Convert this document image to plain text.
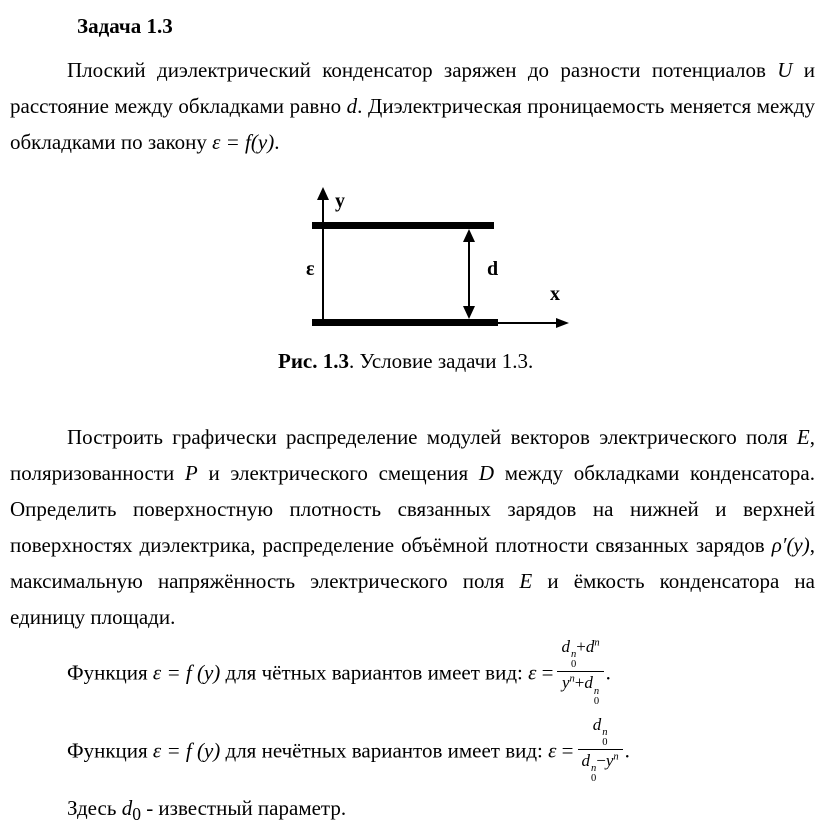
Задача 1.3

Плоский диэлектрический конденсатор заряжен до разности потенциалов U и расстояние между обкладками равно d. Диэлектрическая проницаемость меняется между обкладками по закону ε = f(y).

y
ε	d
x
Рис. 1.3. Условие задачи 1.3.

Построить графически распределение модулей векторов электрического поля E, поляризованности P и электрического смещения D между обкладками конденсатора. Определить поверхностную плотность связанных зарядов на нижней и верхней поверхностях диэлектрика, распределение объёмной плотности связанных зарядов ρ′(y), максимальную напряжённость электрического поля E и ёмкость конденсатора на единицу площади.

Функция ε = f (y) для чётных вариантов имеет вид: ε = d n
0
$+d^n$
$y^n+d$ n
0 .
Функция ε = f (y) для нечётных вариантов имеет вид: ε = d n
0
d n
0
$-y^n$ .

Здесь $d_0$ - известный параметр.
